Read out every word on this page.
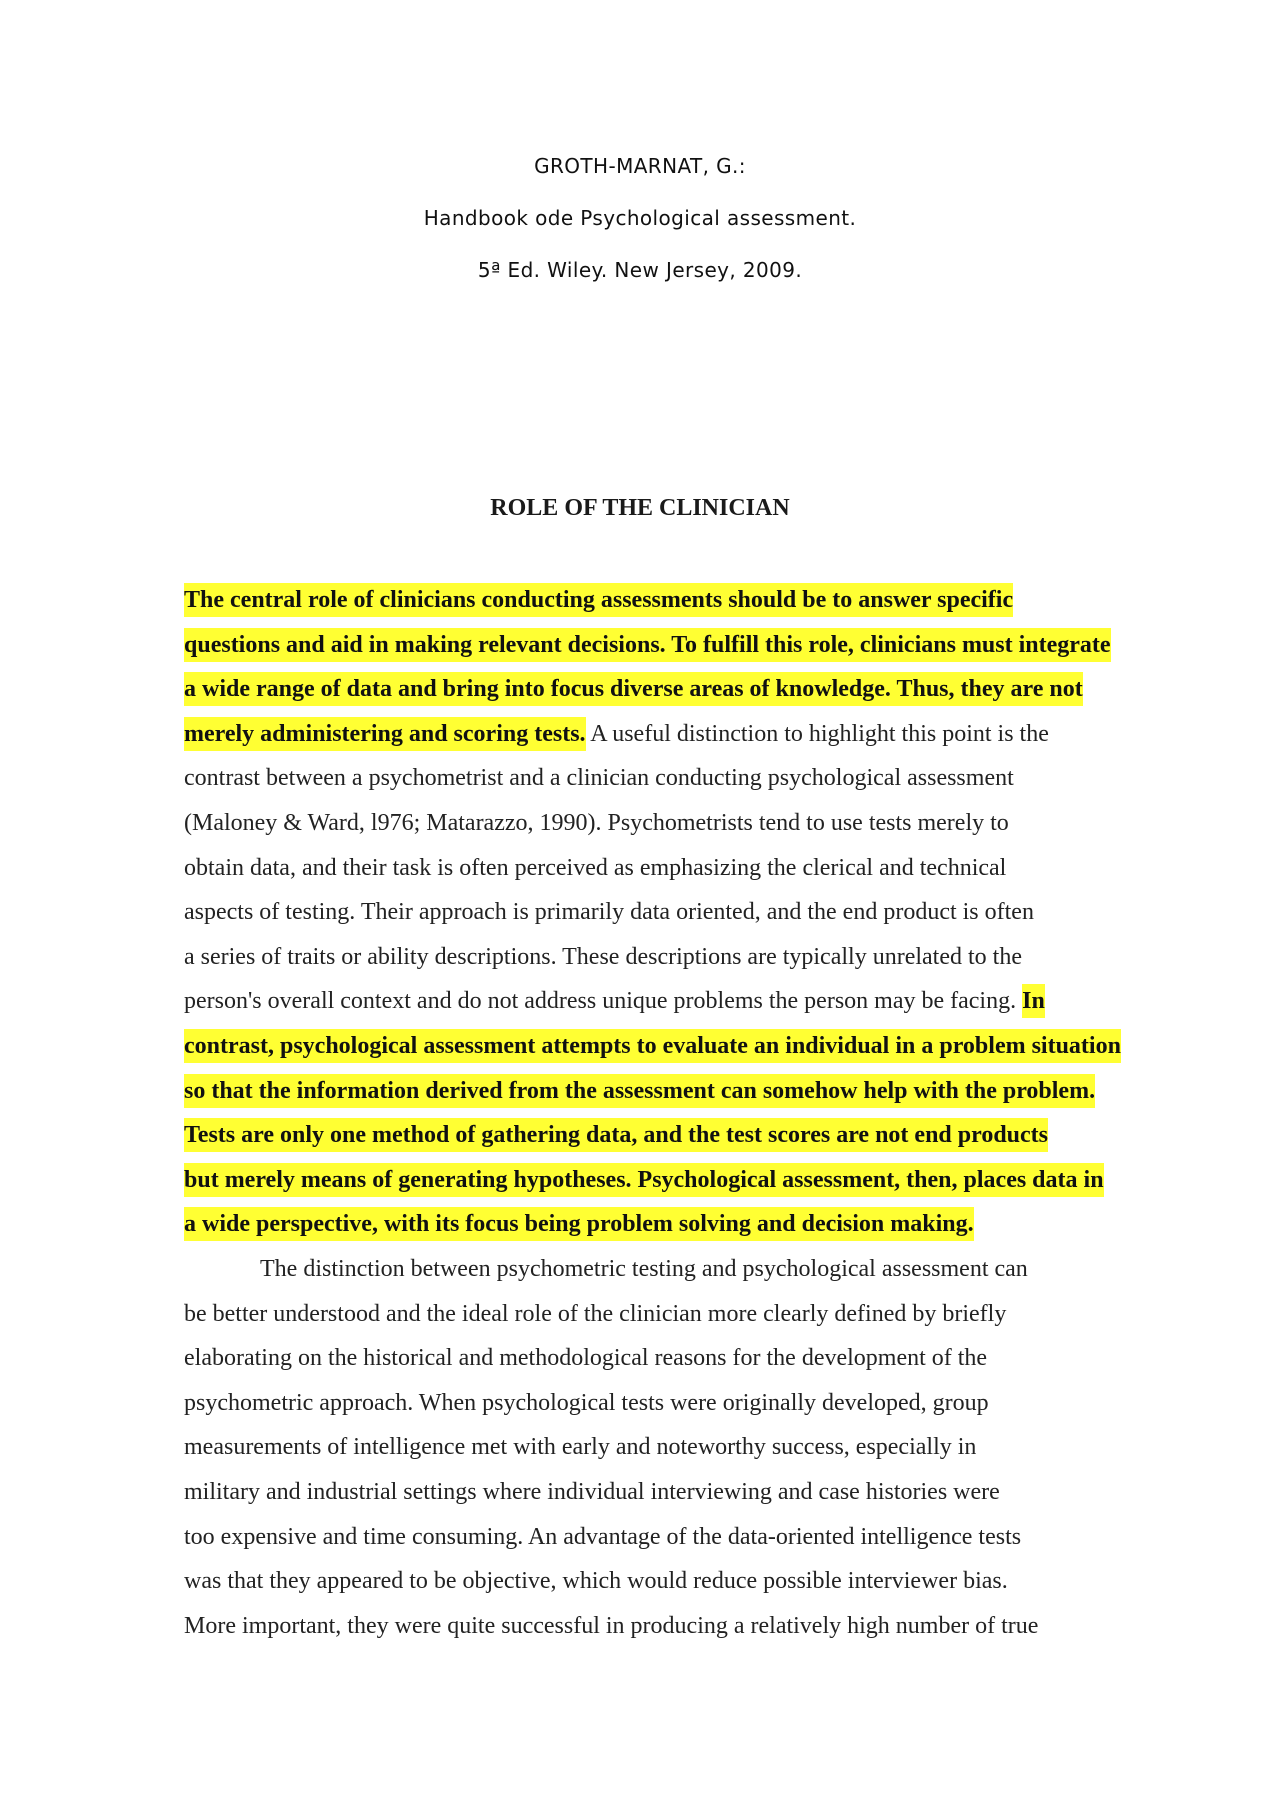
GROTH-MARNAT, G.:
Handbook ode Psychological assessment.
5ª Ed. Wiley. New Jersey, 2009.
ROLE OF THE CLINICIAN
The central role of clinicians conducting assessments should be to answer specific
questions and aid in making relevant decisions. To fulfill this role, clinicians must integrate
a wide range of data and bring into focus diverse areas of knowledge. Thus, they are not
merely administering and scoring tests. A useful distinction to highlight this point is the
contrast between a psychometrist and a clinician conducting psychological assessment
(Maloney & Ward, l976; Matarazzo, 1990). Psychometrists tend to use tests merely to
obtain data, and their task is often perceived as emphasizing the clerical and technical
aspects of testing. Their approach is primarily data oriented, and the end product is often
a series of traits or ability descriptions. These descriptions are typically unrelated to the
person's overall context and do not address unique problems the person may be facing. In
contrast, psychological assessment attempts to evaluate an individual in a problem situation
so that the information derived from the assessment can somehow help with the problem.
Tests are only one method of gathering data, and the test scores are not end products
but merely means of generating hypotheses. Psychological assessment, then, places data in
a wide perspective, with its focus being problem solving and decision making.
The distinction between psychometric testing and psychological assessment can
be better understood and the ideal role of the clinician more clearly defined by briefly
elaborating on the historical and methodological reasons for the development of the
psychometric approach. When psychological tests were originally developed, group
measurements of intelligence met with early and noteworthy success, especially in
military and industrial settings where individual interviewing and case histories were
too expensive and time consuming. An advantage of the data-oriented intelligence tests
was that they appeared to be objective, which would reduce possible interviewer bias.
More important, they were quite successful in producing a relatively high number of true
